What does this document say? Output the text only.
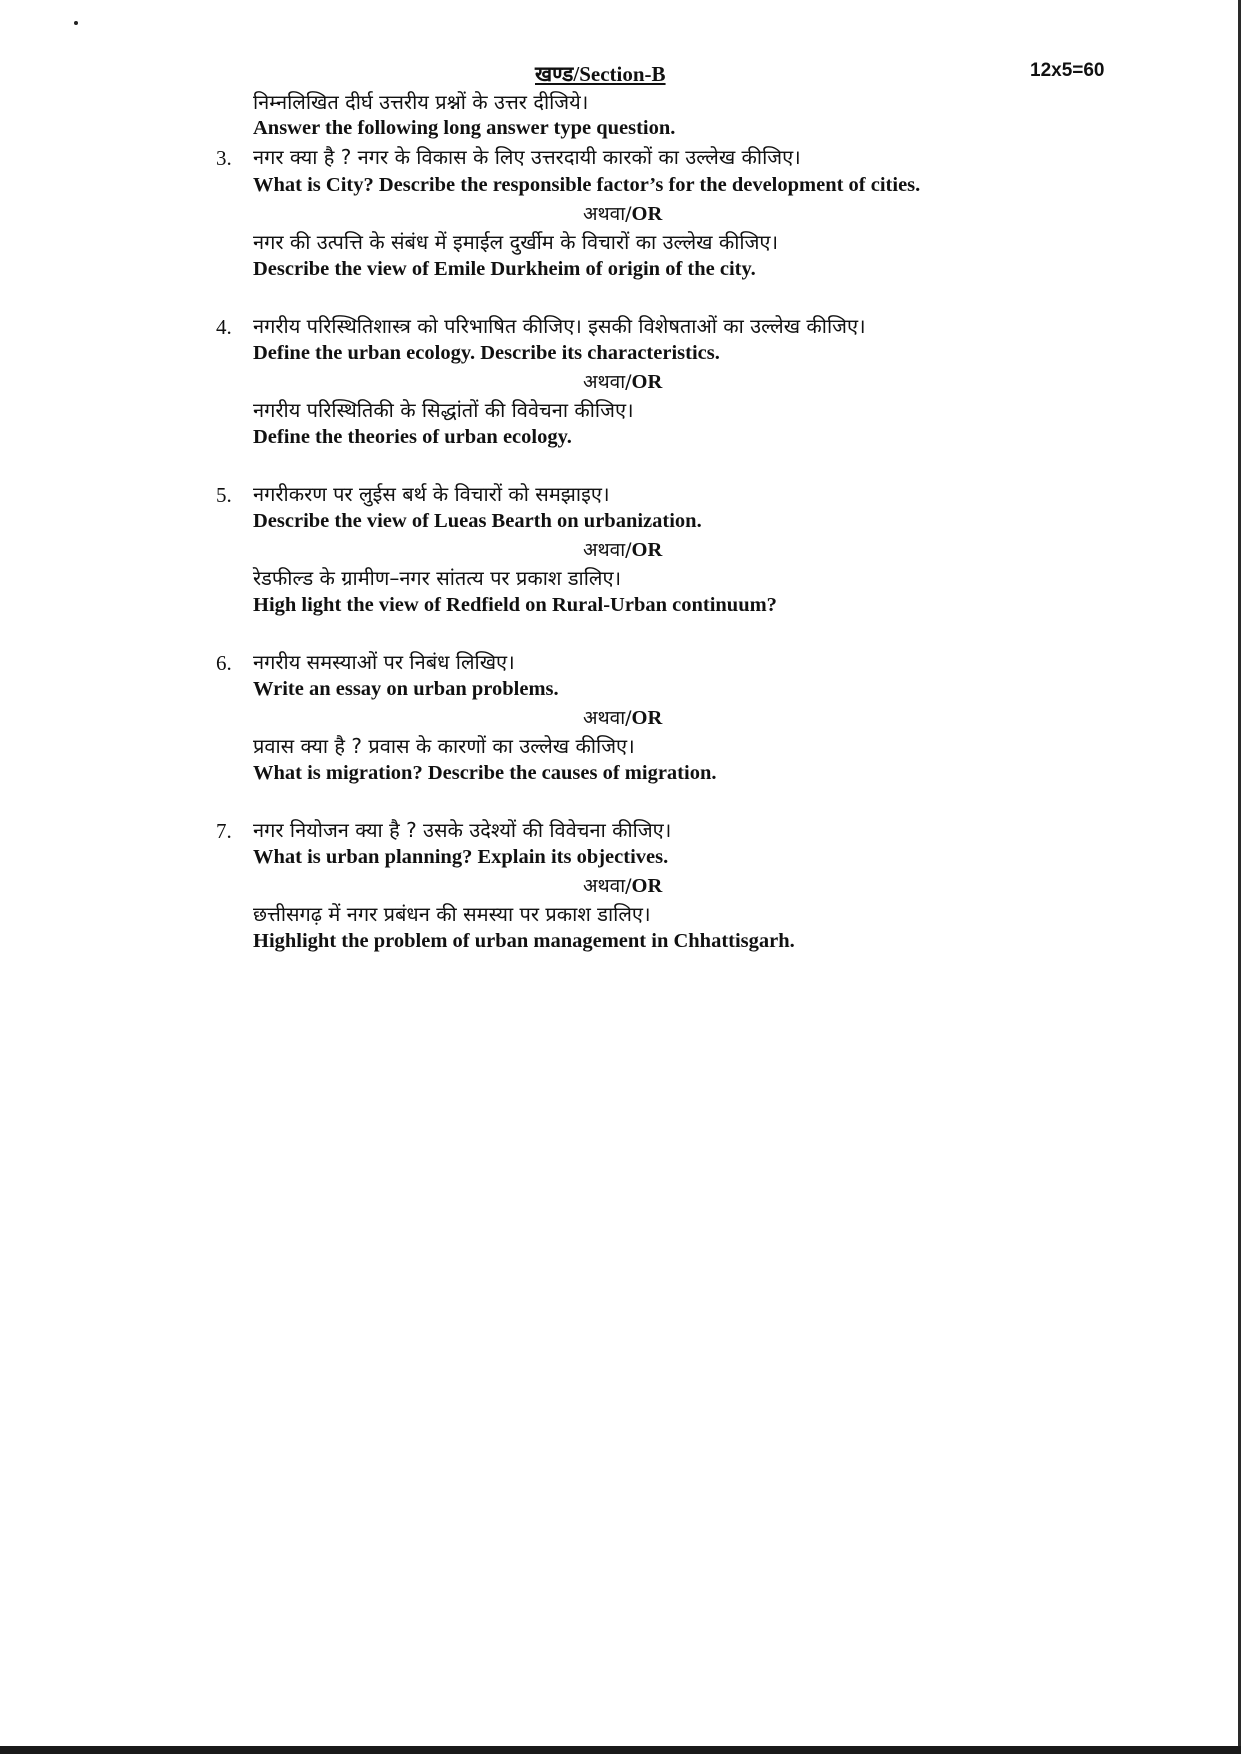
खण्ड/Section-B	12x5=60
निम्नलिखित दीर्घ उत्तरीय प्रश्नों के उत्तर दीजिये।
Answer the following long answer type question.
3. नगर क्या है ? नगर के विकास के लिए उत्तरदायी कारकों का उल्लेख कीजिए।
What is City? Describe the responsible factor’s for the development of cities.
अथवा/OR
नगर की उत्पत्ति के संबंध में इमाईल दुर्खीम के विचारों का उल्लेख कीजिए।
Describe the view of Emile Durkheim of origin of the city.
4. नगरीय परिस्थितिशास्त्र को परिभाषित कीजिए। इसकी विशेषताओं का उल्लेख कीजिए।
Define the urban ecology. Describe its characteristics.
अथवा/OR
नगरीय परिस्थितिकी के सिद्धांतों की विवेचना कीजिए।
Define the theories of urban ecology.
5. नगरीकरण पर लुईस बर्थ के विचारों को समझाइए।
Describe the view of Lueas Bearth on urbanization.
अथवा/OR
रेडफील्ड के ग्रामीण–नगर सांतत्य पर प्रकाश डालिए।
High light the view of Redfield on Rural-Urban continuum?
6. नगरीय समस्याओं पर निबंध लिखिए।
Write an essay on urban problems.
अथवा/OR
प्रवास क्या है ? प्रवास के कारणों का उल्लेख कीजिए।
What is migration? Describe the causes of migration.
7. नगर नियोजन क्या है ? उसके उदेश्यों की विवेचना कीजिए।
What is urban planning? Explain its objectives.
अथवा/OR
छत्तीसगढ़ में नगर प्रबंधन की समस्या पर प्रकाश डालिए।
Highlight the problem of urban management in Chhattisgarh.
